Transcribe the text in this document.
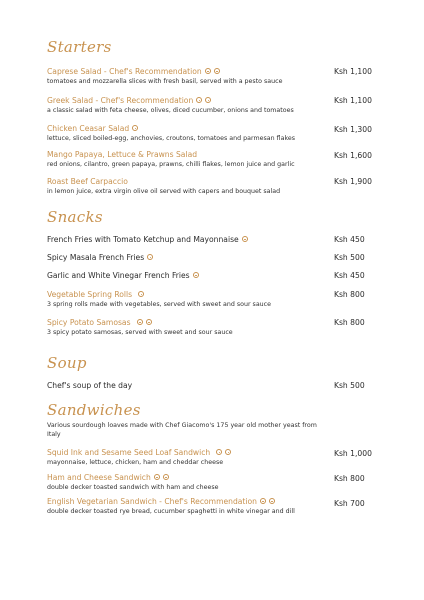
Starters
Caprese Salad - Chef's Recommendation
tomatoes and mozzarella slices with fresh basil, served with a pesto sauce
Ksh 1,100
Greek Salad - Chef's Recommendation
a classic salad with feta cheese, olives, diced cucumber, onions and tomatoes
Ksh 1,100
Chicken Ceasar Salad
lettuce, sliced boiled-egg, anchovies, croutons, tomatoes and parmesan flakes
Ksh 1,300
Mango Papaya, Lettuce & Prawns Salad
red onions, cilantro, green papaya, prawns, chilli flakes, lemon juice and garlic
Ksh 1,600
Roast Beef Carpaccio
in lemon juice, extra virgin olive oil served with capers and bouquet salad
Ksh 1,900
Snacks
French Fries with Tomato Ketchup and Mayonnaise	Ksh 450
Spicy Masala French Fries	Ksh 500
Garlic and White Vinegar French Fries	Ksh 450
Vegetable Spring Rolls
3 spring rolls made with vegetables, served with sweet and sour sauce
Ksh 800
Spicy Potato Samosas
3 spicy potato samosas, served with sweet and sour sauce
Ksh 800
Soup
Chef's soup of the day	Ksh 500
Sandwiches
Various sourdough loaves made with Chef Giacomo's 175 year old mother yeast from Italy
Squid Ink and Sesame Seed Loaf Sandwich
mayonnaise, lettuce, chicken, ham and cheddar cheese
Ksh 1,000
Ham and Cheese Sandwich
double decker toasted sandwich with ham and cheese
Ksh 800
English Vegetarian Sandwich - Chef's Recommendation
double decker toasted rye bread, cucumber spaghetti in white vinegar and dill
Ksh 700
